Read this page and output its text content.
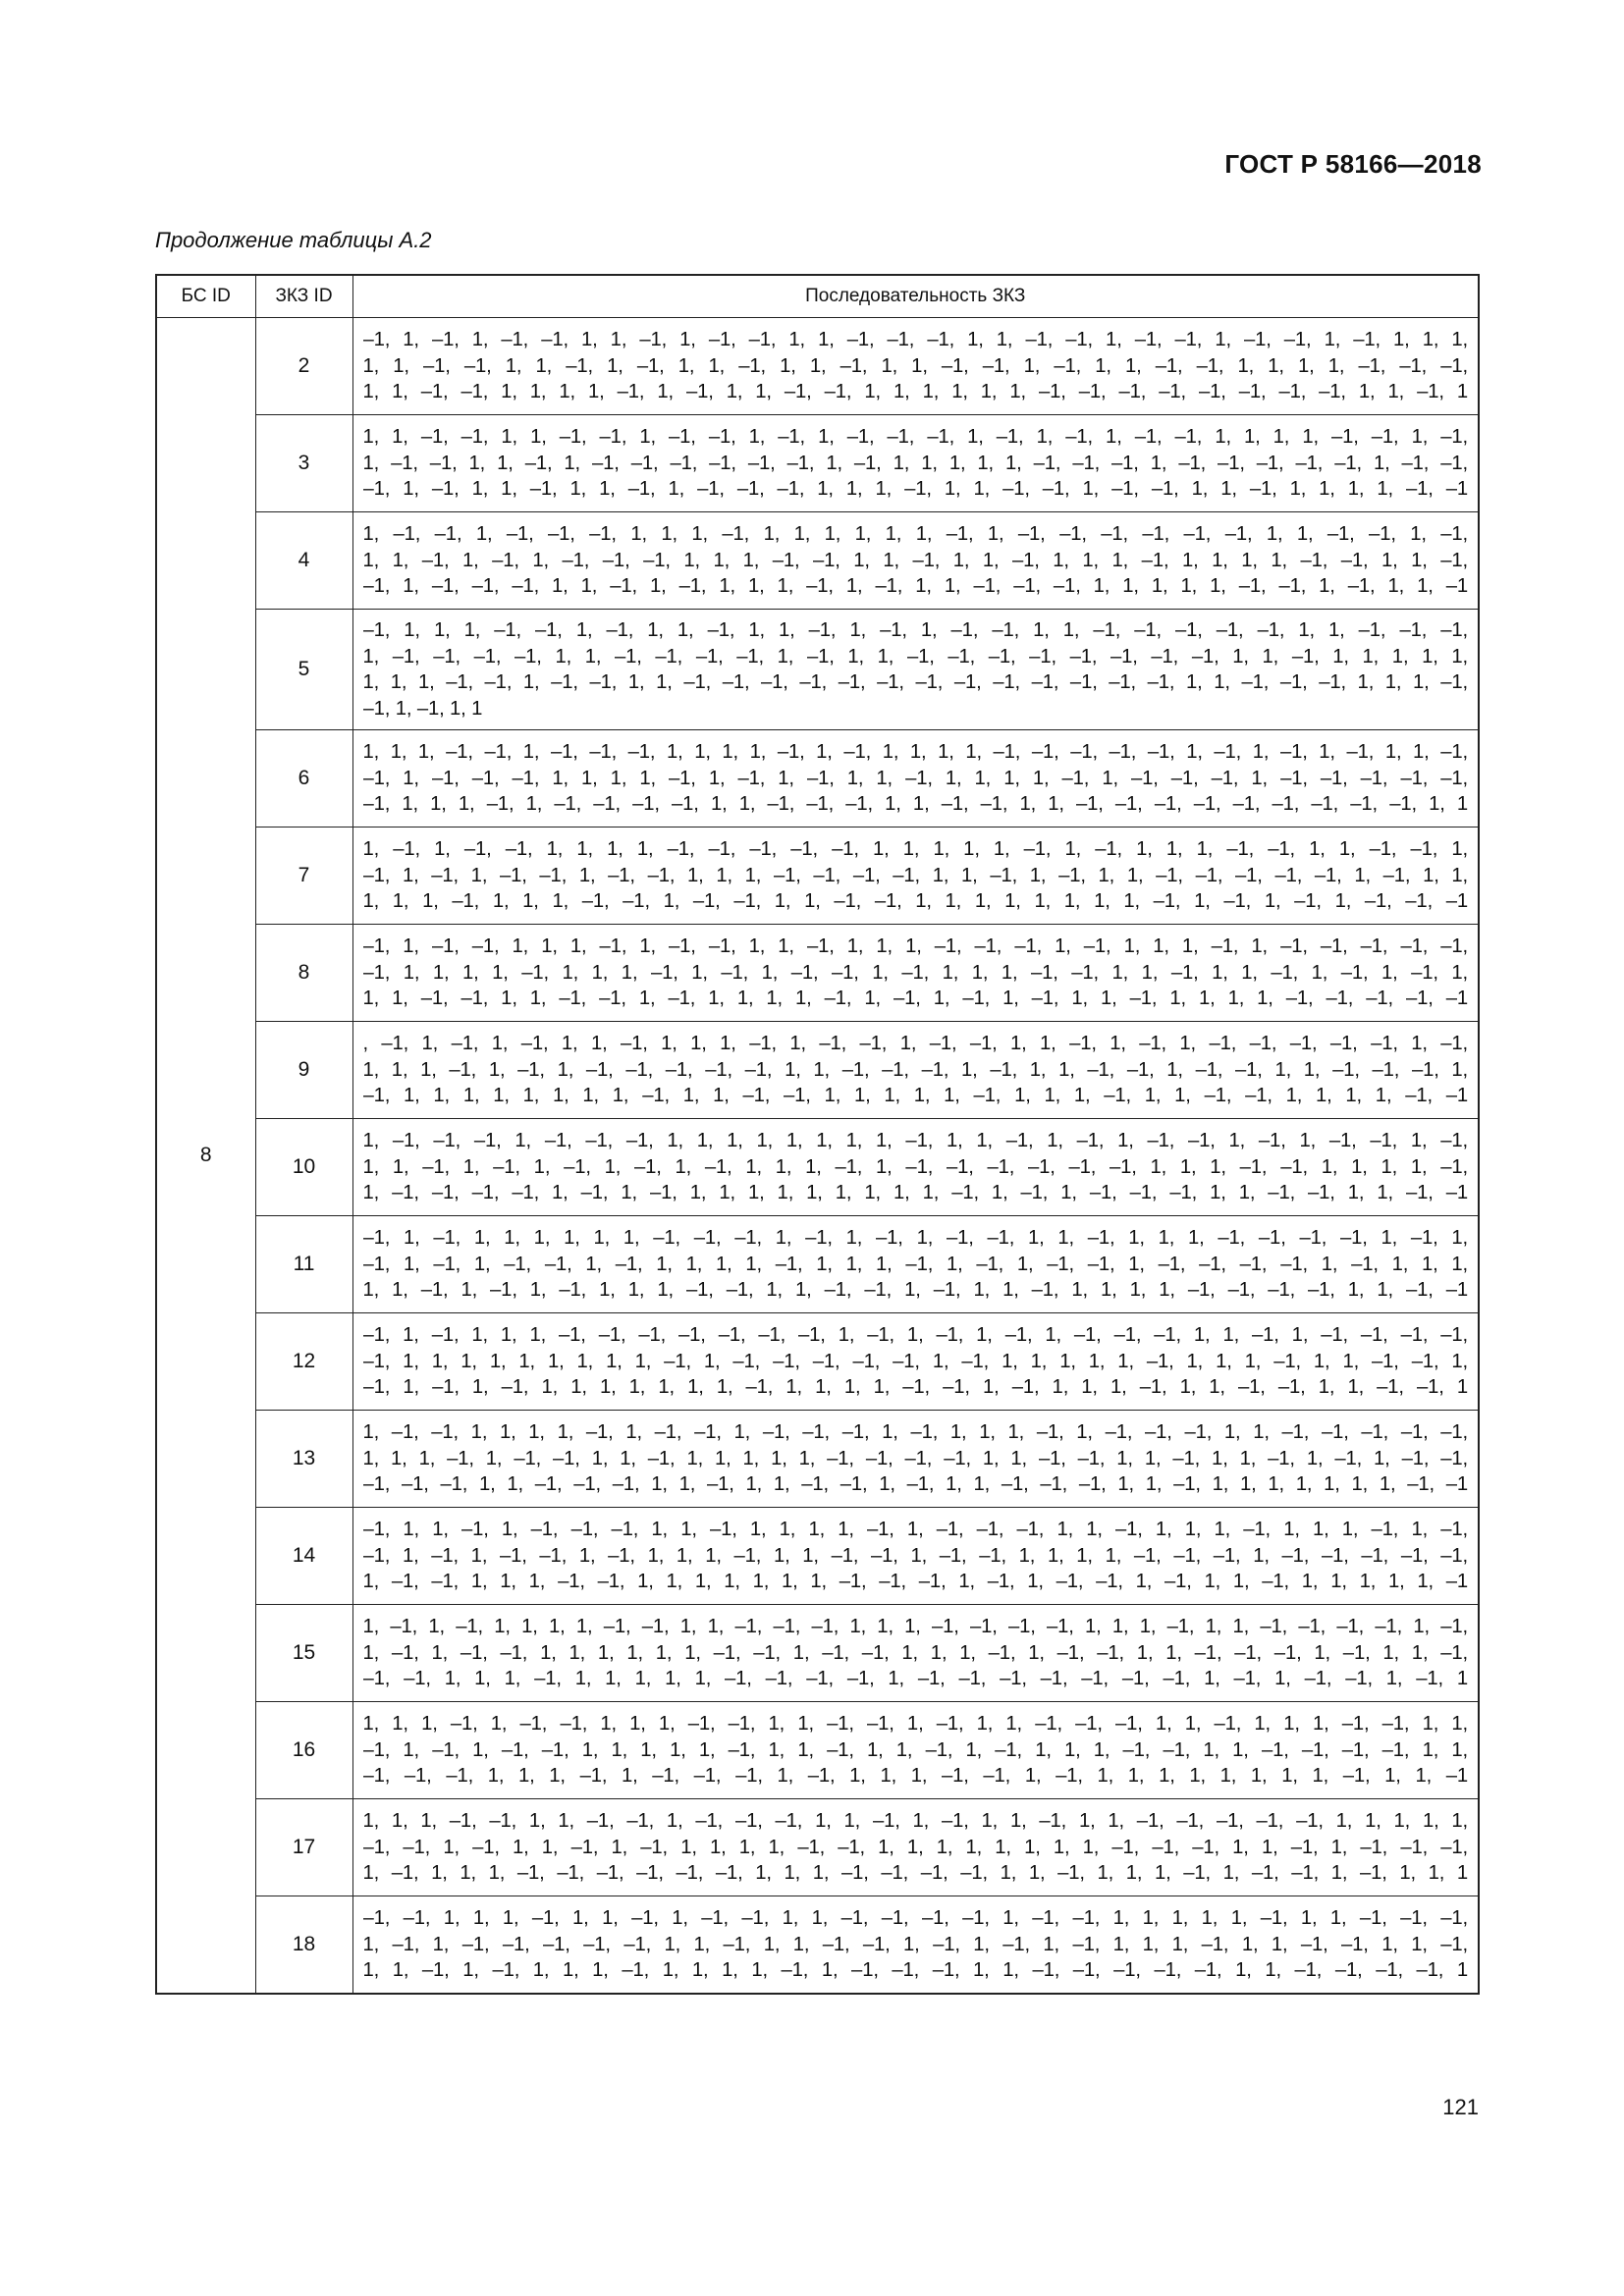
ГОСТ Р 58166—2018
Продолжение таблицы А.2
БС ID	ЗКЗ ID	Последовательность ЗКЗ
8	2	–1, 1, –1, 1, –1, –1, 1, 1, –1, 1, –1, –1, 1, 1, –1, –1, –1, 1, 1, –1, –1, 1, –1, –1, 1, –1, –1, 1, –1, 1, 1, 1,
1, 1, –1, –1, 1, 1, –1, 1, –1, 1, 1, –1, 1, 1, –1, 1, 1, –1, –1, 1, –1, 1, 1, –1, –1, 1, 1, 1, 1, –1, –1, –1,
1, 1, –1, –1, 1, 1, 1, 1, –1, 1, –1, 1, 1, –1, –1, 1, 1, 1, 1, 1, 1, –1, –1, –1, –1, –1, –1, –1, –1, 1, 1, –1, 1

	3	1, 1, –1, –1, 1, 1, –1, –1, 1, –1, –1, 1, –1, 1, –1, –1, –1, 1, –1, 1, –1, 1, –1, –1, 1, 1, 1, 1, –1, –1, 1, –1,
1, –1, –1, 1, 1, –1, 1, –1, –1, –1, –1, –1, –1, 1, –1, 1, 1, 1, 1, 1, –1, –1, –1, 1, –1, –1, –1, –1, –1, 1, –1, –1,
–1, 1, –1, 1, 1, –1, 1, 1, –1, 1, –1, –1, –1, 1, 1, 1, –1, 1, 1, –1, –1, 1, –1, –1, 1, 1, –1, 1, 1, 1, 1, –1, –1

	4	1, –1, –1, 1, –1, –1, –1, 1, 1, 1, –1, 1, 1, 1, 1, 1, 1, –1, 1, –1, –1, –1, –1, –1, –1, 1, 1, –1, –1, 1, –1,
1, 1, –1, 1, –1, 1, –1, –1, –1, 1, 1, 1, –1, –1, 1, 1, –1, 1, 1, –1, 1, 1, 1, –1, 1, 1, 1, 1, –1, –1, 1, 1, –1,
–1, 1, –1, –1, –1, 1, 1, –1, 1, –1, 1, 1, 1, –1, 1, –1, 1, 1, –1, –1, –1, 1, 1, 1, 1, 1, –1, –1, 1, –1, 1, 1, –1

	5	–1, 1, 1, 1, –1, –1, 1, –1, 1, 1, –1, 1, 1, –1, 1, –1, 1, –1, –1, 1, 1, –1, –1, –1, –1, –1, 1, 1, –1, –1, –1,
1, –1, –1, –1, –1, 1, 1, –1, –1, –1, –1, 1, –1, 1, 1, –1, –1, –1, –1, –1, –1, –1, –1, 1, 1, –1, 1, 1, 1, 1, 1,
1, 1, 1, –1, –1, 1, –1, –1, 1, 1, –1, –1, –1, –1, –1, –1, –1, –1, –1, –1, –1, –1, –1, 1, 1, –1, –1, –1, 1, 1, 1, –1,
–1, 1, –1, 1, 1

	6	1, 1, 1, –1, –1, 1, –1, –1, –1, 1, 1, 1, 1, –1, 1, –1, 1, 1, 1, 1, –1, –1, –1, –1, –1, 1, –1, 1, –1, 1, –1, 1, 1, –1,
–1, 1, –1, –1, –1, 1, 1, 1, 1, –1, 1, –1, 1, –1, 1, 1, –1, 1, 1, 1, 1, –1, 1, –1, –1, –1, 1, –1, –1, –1, –1, –1,
–1, 1, 1, 1, –1, 1, –1, –1, –1, –1, 1, 1, –1, –1, –1, 1, 1, –1, –1, 1, 1, –1, –1, –1, –1, –1, –1, –1, –1, –1, 1, 1

	7	1, –1, 1, –1, –1, 1, 1, 1, 1, –1, –1, –1, –1, –1, 1, 1, 1, 1, 1, –1, 1, –1, 1, 1, 1, –1, –1, 1, 1, –1, –1, 1,
–1, 1, –1, 1, –1, –1, 1, –1, –1, 1, 1, 1, –1, –1, –1, –1, 1, 1, –1, 1, –1, 1, 1, –1, –1, –1, –1, –1, 1, –1, 1, 1,
1, 1, 1, –1, 1, 1, 1, –1, –1, 1, –1, –1, 1, 1, –1, –1, 1, 1, 1, 1, 1, 1, 1, 1, –1, 1, –1, 1, –1, 1, –1, –1, –1

	8	–1, 1, –1, –1, 1, 1, 1, –1, 1, –1, –1, 1, 1, –1, 1, 1, 1, –1, –1, –1, 1, –1, 1, 1, 1, –1, 1, –1, –1, –1, –1, –1,
–1, 1, 1, 1, 1, –1, 1, 1, 1, –1, 1, –1, 1, –1, –1, 1, –1, 1, 1, 1, –1, –1, 1, 1, –1, 1, 1, –1, 1, –1, 1, –1, 1,
1, 1, –1, –1, 1, 1, –1, –1, 1, –1, 1, 1, 1, 1, –1, 1, –1, 1, –1, 1, –1, 1, 1, –1, 1, 1, 1, 1, –1, –1, –1, –1, –1

	9	, –1, 1, –1, 1, –1, 1, 1, –1, 1, 1, 1, –1, 1, –1, –1, 1, –1, –1, 1, 1, –1, 1, –1, 1, –1, –1, –1, –1, –1, 1, –1,
1, 1, 1, –1, 1, –1, 1, –1, –1, –1, –1, –1, 1, 1, –1, –1, –1, 1, –1, 1, 1, –1, –1, 1, –1, –1, 1, 1, –1, –1, –1, 1,
–1, 1, 1, 1, 1, 1, 1, 1, 1, –1, 1, 1, –1, –1, 1, 1, 1, 1, 1, –1, 1, 1, 1, –1, 1, 1, –1, –1, 1, 1, 1, 1, –1, –1

	10	1, –1, –1, –1, 1, –1, –1, –1, 1, 1, 1, 1, 1, 1, 1, 1, –1, 1, 1, –1, 1, –1, 1, –1, –1, 1, –1, 1, –1, –1, 1, –1,
1, 1, –1, 1, –1, 1, –1, 1, –1, 1, –1, 1, 1, 1, –1, 1, –1, –1, –1, –1, –1, –1, 1, 1, 1, –1, –1, 1, 1, 1, 1, –1,
1, –1, –1, –1, –1, 1, –1, 1, –1, 1, 1, 1, 1, 1, 1, 1, 1, 1, –1, 1, –1, 1, –1, –1, –1, 1, 1, –1, –1, 1, 1, –1, –1

	11	–1, 1, –1, 1, 1, 1, 1, 1, 1, –1, –1, –1, 1, –1, 1, –1, 1, –1, –1, 1, 1, –1, 1, 1, 1, –1, –1, –1, –1, 1, –1, 1,
–1, 1, –1, 1, –1, –1, 1, –1, 1, 1, 1, 1, –1, 1, 1, 1, –1, 1, –1, 1, –1, –1, 1, –1, –1, –1, –1, 1, –1, 1, 1, 1,
1, 1, –1, 1, –1, 1, –1, 1, 1, 1, –1, –1, 1, 1, –1, –1, 1, –1, 1, 1, –1, 1, 1, 1, 1, –1, –1, –1, –1, 1, 1, –1, –1

	12	–1, 1, –1, 1, 1, 1, –1, –1, –1, –1, –1, –1, –1, 1, –1, 1, –1, 1, –1, 1, –1, –1, –1, 1, 1, –1, 1, –1, –1, –1, –1,
–1, 1, 1, 1, 1, 1, 1, 1, 1, 1, –1, 1, –1, –1, –1, –1, –1, 1, –1, 1, 1, 1, 1, 1, –1, 1, 1, 1, –1, 1, 1, –1, –1, 1,
–1, 1, –1, 1, –1, 1, 1, 1, 1, 1, 1, 1, –1, 1, 1, 1, 1, –1, –1, 1, –1, 1, 1, 1, –1, 1, 1, –1, –1, 1, 1, –1, –1, 1

	13	1, –1, –1, 1, 1, 1, 1, –1, 1, –1, –1, 1, –1, –1, –1, 1, –1, 1, 1, 1, –1, 1, –1, –1, –1, 1, 1, –1, –1, –1, –1, –1,
1, 1, 1, –1, 1, –1, –1, 1, 1, –1, 1, 1, 1, 1, 1, –1, –1, –1, –1, 1, 1, –1, –1, 1, 1, –1, 1, 1, –1, 1, –1, 1, –1, –1,
–1, –1, –1, 1, 1, –1, –1, –1, 1, 1, –1, 1, 1, –1, –1, 1, –1, 1, 1, –1, –1, –1, 1, 1, –1, 1, 1, 1, 1, 1, 1, 1, –1, –1

	14	–1, 1, 1, –1, 1, –1, –1, –1, 1, 1, –1, 1, 1, 1, 1, –1, 1, –1, –1, –1, 1, 1, –1, 1, 1, 1, –1, 1, 1, 1, –1, 1, –1,
–1, 1, –1, 1, –1, –1, 1, –1, 1, 1, 1, –1, 1, 1, –1, –1, 1, –1, –1, 1, 1, 1, 1, –1, –1, –1, 1, –1, –1, –1, –1, –1,
1, –1, –1, 1, 1, 1, –1, –1, 1, 1, 1, 1, 1, 1, 1, –1, –1, –1, 1, –1, 1, –1, –1, 1, –1, 1, 1, –1, 1, 1, 1, 1, 1, –1

	15	1, –1, 1, –1, 1, 1, 1, 1, –1, –1, 1, 1, –1, –1, –1, 1, 1, 1, –1, –1, –1, –1, 1, 1, 1, –1, 1, 1, –1, –1, –1, –1, 1, –1,
1, –1, 1, –1, –1, 1, 1, 1, 1, 1, 1, –1, –1, 1, –1, –1, 1, 1, 1, –1, 1, –1, –1, 1, 1, –1, –1, –1, 1, –1, 1, 1, –1,
–1, –1, 1, 1, 1, –1, 1, 1, 1, 1, 1, –1, –1, –1, –1, 1, –1, –1, –1, –1, –1, –1, –1, 1, –1, 1, –1, –1, 1, –1, 1

	16	1, 1, 1, –1, 1, –1, –1, 1, 1, 1, –1, –1, 1, 1, –1, –1, 1, –1, 1, 1, –1, –1, –1, 1, 1, –1, 1, 1, 1, –1, –1, 1, 1,
–1, 1, –1, 1, –1, –1, 1, 1, 1, 1, 1, –1, 1, 1, –1, 1, 1, –1, 1, –1, 1, 1, 1, –1, –1, 1, 1, –1, –1, –1, –1, 1, 1,
–1, –1, –1, 1, 1, 1, –1, 1, –1, –1, –1, 1, –1, 1, 1, 1, –1, –1, 1, –1, 1, 1, 1, 1, 1, 1, 1, 1, –1, 1, 1, –1

	17	1, 1, 1, –1, –1, 1, 1, –1, –1, 1, –1, –1, –1, 1, 1, –1, 1, –1, 1, 1, –1, 1, 1, –1, –1, –1, –1, –1, 1, 1, 1, 1, 1,
–1, –1, 1, –1, 1, 1, –1, 1, –1, 1, 1, 1, 1, –1, –1, 1, 1, 1, 1, 1, 1, 1, 1, –1, –1, –1, 1, 1, –1, 1, –1, –1, –1,
1, –1, 1, 1, 1, –1, –1, –1, –1, –1, –1, 1, 1, 1, –1, –1, –1, –1, 1, 1, –1, 1, 1, 1, –1, 1, –1, –1, 1, –1, 1, 1, 1

	18	–1, –1, 1, 1, 1, –1, 1, 1, –1, 1, –1, –1, 1, 1, –1, –1, –1, –1, 1, –1, –1, 1, 1, 1, 1, 1, –1, 1, 1, –1, –1, –1,
1, –1, 1, –1, –1, –1, –1, –1, 1, 1, –1, 1, 1, –1, –1, 1, –1, 1, –1, 1, –1, 1, 1, 1, –1, 1, 1, –1, –1, 1, 1, –1,
1, 1, –1, 1, –1, 1, 1, 1, –1, 1, 1, 1, 1, –1, 1, –1, –1, –1, 1, 1, –1, –1, –1, –1, –1, 1, 1, –1, –1, –1, –1, 1
121
